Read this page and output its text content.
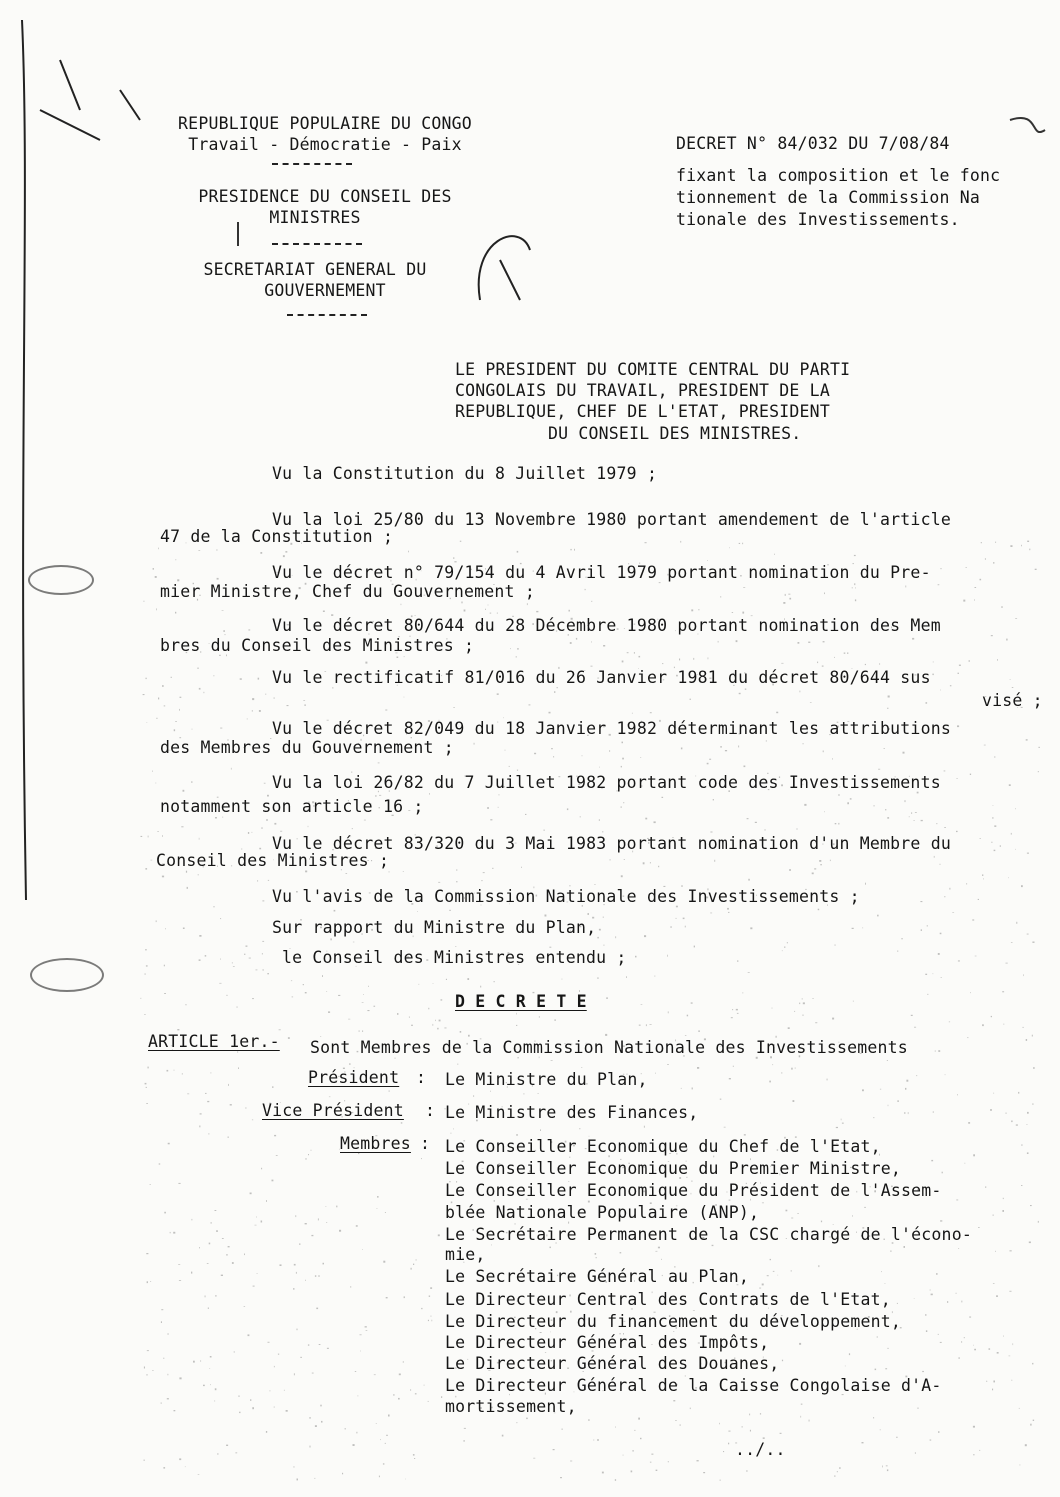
REPUBLIQUE POPULAIRE DU CONGO
Travail - Démocratie - Paix
PRESIDENCE DU CONSEIL DES
MINISTRES
SECRETARIAT GENERAL DU
GOUVERNEMENT
DECRET N° 84/032 DU 7/08/84
fixant la composition et le fonc
tionnement de la Commission Na
tionale des Investissements.
LE PRESIDENT DU COMITE CENTRAL DU PARTI
CONGOLAIS DU TRAVAIL, PRESIDENT DE LA
REPUBLIQUE, CHEF DE L'ETAT, PRESIDENT
DU CONSEIL DES MINISTRES.
Vu la Constitution du 8 Juillet 1979 ;
Vu la loi 25/80 du 13 Novembre 1980 portant amendement de l'article
47 de la Constitution ;
Vu le décret n° 79/154 du 4 Avril 1979 portant nomination du Pre-
mier Ministre, Chef du Gouvernement ;
Vu le décret 80/644 du 28 Décembre 1980 portant nomination des Mem
bres du Conseil des Ministres ;
Vu le rectificatif 81/016 du 26 Janvier 1981 du décret 80/644 sus
visé ;
Vu le décret 82/049 du 18 Janvier 1982 déterminant les attributions
des Membres du Gouvernement ;
Vu la loi 26/82 du 7 Juillet 1982 portant code des Investissements
notamment son article 16 ;
Vu le décret 83/320 du 3 Mai 1983 portant nomination d'un Membre du
Conseil des Ministres ;
Vu l'avis de la Commission Nationale des Investissements ;
Sur rapport du Ministre du Plan,
le Conseil des Ministres entendu ;
D E C R E T E
ARTICLE 1er.- Sont Membres de la Commission Nationale des Investissements
Président : Le Ministre du Plan,
Vice Président : Le Ministre des Finances,
Membres : Le Conseiller Economique du Chef de l'Etat,
Le Conseiller Economique du Premier Ministre,
Le Conseiller Economique du Président de l'Assem-
blée Nationale Populaire (ANP),
Le Secrétaire Permanent de la CSC chargé de l'écono-
mie,
Le Secrétaire Général au Plan,
Le Directeur Central des Contrats de l'Etat,
Le Directeur du financement du développement,
Le Directeur Général des Impôts,
Le Directeur Général des Douanes,
Le Directeur Général de la Caisse Congolaise d'A-
mortissement,
../..
